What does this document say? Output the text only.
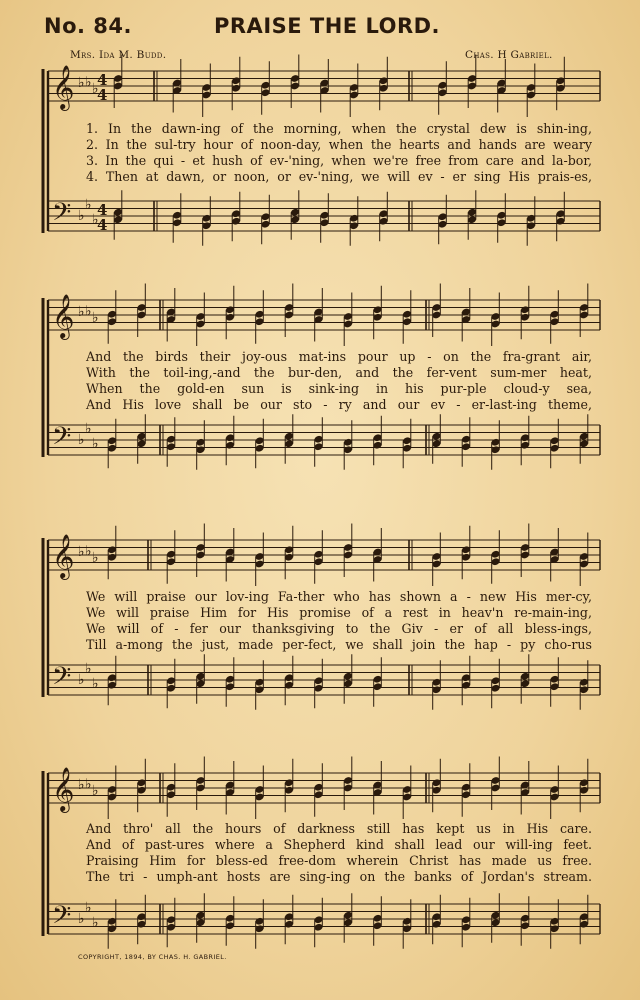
No. 84.	PRAISE THE LORD.
Mrs. Ida M. Budd.	Chas. H Gabriel.
𝄞
𝄢
♭ ♭ ♭
♭
♭
♭
4
4
4
4
𝄞
𝄢
♭ ♭ ♭
♭
♭
♭
𝄞
𝄢
♭ ♭ ♭
♭
♭
♭
𝄞
𝄢
♭ ♭ ♭
♭
♭
♭
1. In the dawn-ing of the morning, when the crystal dew is shin-ing,
2. In the sul-try hour of noon-day, when the hearts and hands are weary
3. In the qui - et hush of ev-'ning, when we're free from care and la-bor,
4. Then at dawn, or noon, or ev-'ning, we will ev - er sing His prais-es,
And the birds their joy-ous mat-ins pour up - on the fra-grant air,
With the toil-ing,-and the bur-den, and the fer-vent sum-mer heat,
When the gold-en sun is sink-ing in his pur-ple cloud-y sea,
And His love shall be our sto - ry and our ev - er-last-ing theme,
We will praise our lov-ing Fa-ther who has shown a - new His mer-cy,
We will praise Him for His promise of a rest in heav'n re-main-ing,
We will of - fer our thanksgiving to the Giv - er of all bless-ings,
Till a-mong the just, made per-fect, we shall join the hap - py cho-rus
And thro' all the hours of darkness still has kept us in His care.
And of past-ures where a Shepherd kind shall lead our will-ing feet.
Praising Him for bless-ed free-dom wherein Christ has made us free.
The tri - umph-ant hosts are sing-ing on the banks of Jordan's stream.
COPYRIGHT, 1894, BY CHAS. H. GABRIEL.
